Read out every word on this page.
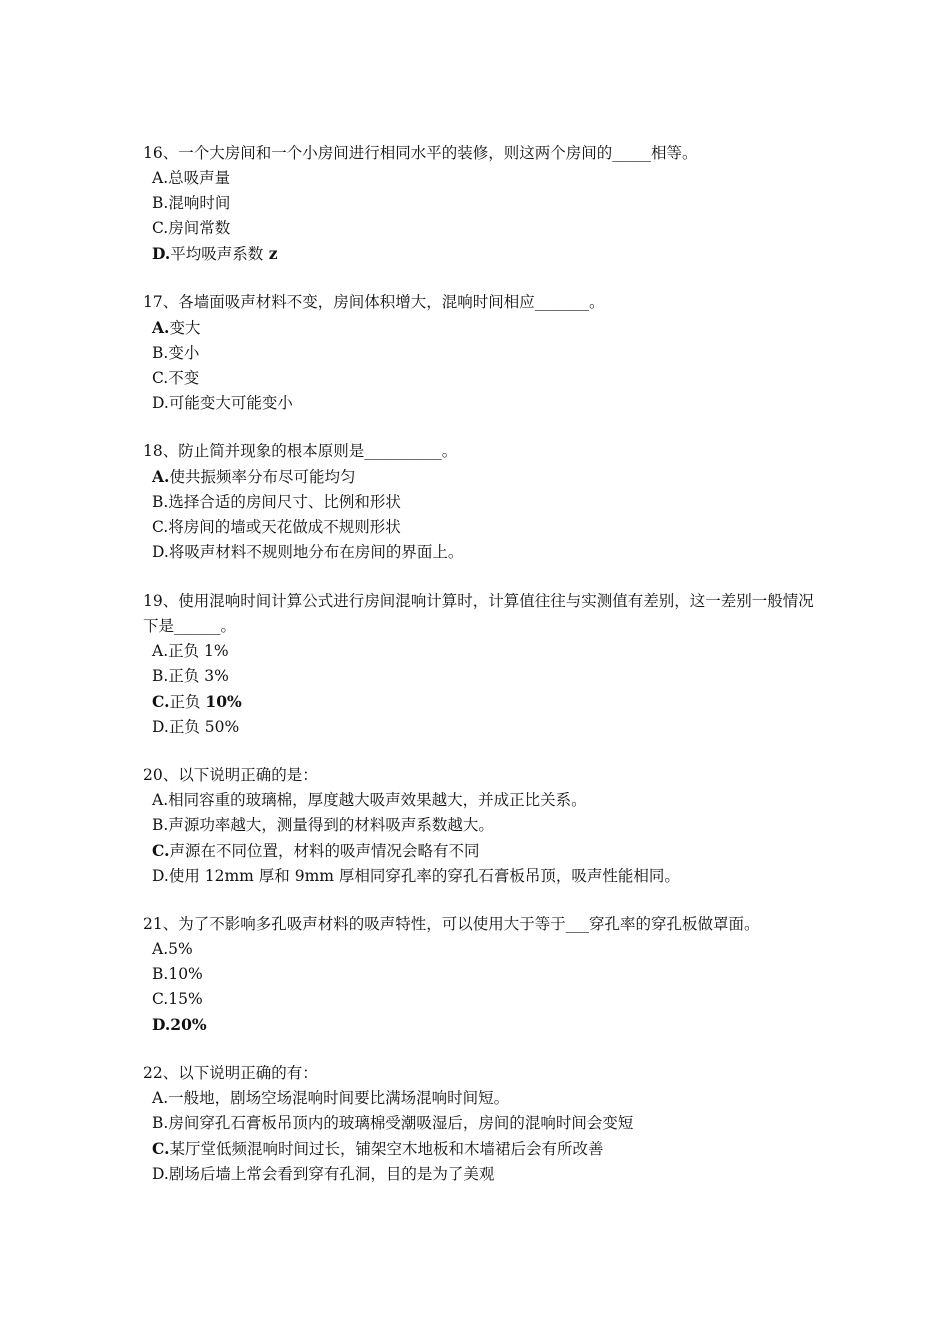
16、一个大房间和一个小房间进行相同水平的装修，则这两个房间的_____相等。

A.总吸声量

B.混响时间

C.房间常数

D.平均吸声系数 z

17、各墙面吸声材料不变，房间体积增大，混响时间相应_______。

A.变大

B.变小

C.不变

D.可能变大可能变小

18、防止简并现象的根本原则是__________。

A.使共振频率分布尽可能均匀

B.选择合适的房间尺寸、比例和形状

C.将房间的墙或天花做成不规则形状

D.将吸声材料不规则地分布在房间的界面上。

19、使用混响时间计算公式进行房间混响计算时，计算值往往与实测值有差别，这一差别一般情况下是______。

A.正负 1%

B.正负 3%

C.正负 10%

D.正负 50%

20、以下说明正确的是：

A.相同容重的玻璃棉，厚度越大吸声效果越大，并成正比关系。

B.声源功率越大，测量得到的材料吸声系数越大。

C.声源在不同位置，材料的吸声情况会略有不同

D.使用 12mm 厚和 9mm 厚相同穿孔率的穿孔石膏板吊顶，吸声性能相同。

21、为了不影响多孔吸声材料的吸声特性，可以使用大于等于___穿孔率的穿孔板做罩面。

A.5%

B.10%

C.15%

D.20%

22、以下说明正确的有：

A.一般地，剧场空场混响时间要比满场混响时间短。

B.房间穿孔石膏板吊顶内的玻璃棉受潮吸湿后，房间的混响时间会变短

C.某厅堂低频混响时间过长，铺架空木地板和木墙裙后会有所改善

D.剧场后墙上常会看到穿有孔洞，目的是为了美观
